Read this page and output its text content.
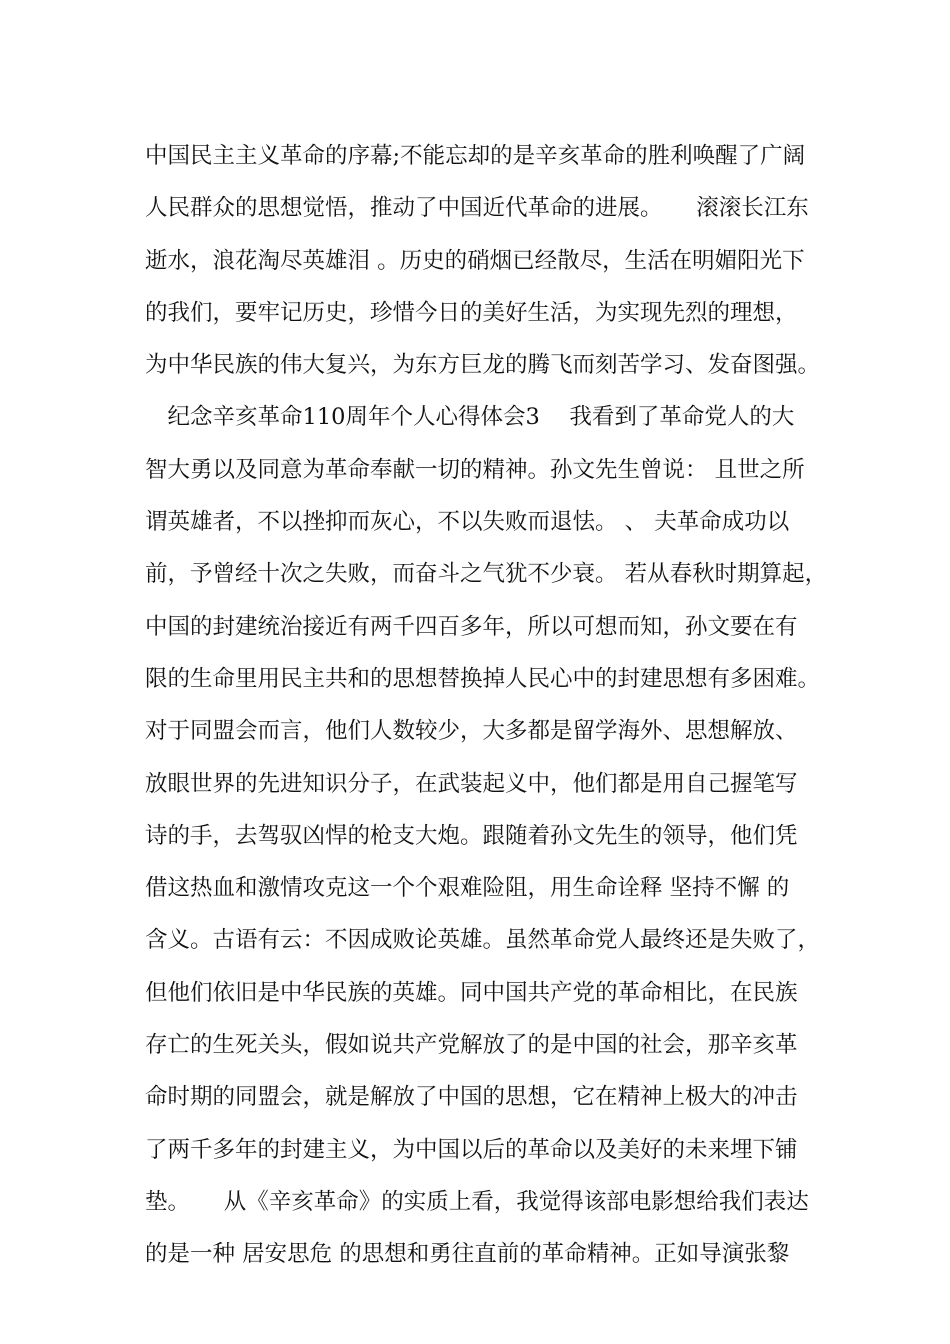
中国民主主义革命的序幕;不能忘却的是辛亥革命的胜利唤醒了广阔
人民群众的思想觉悟，推动了中国近代革命的进展。　　滚滚长江东
逝水，浪花淘尽英雄泪 。历史的硝烟已经散尽，生活在明媚阳光下
的我们，要牢记历史，珍惜今日的美好生活，为实现先烈的理想，
为中华民族的伟大复兴，为东方巨龙的腾飞而刻苦学习、发奋图强。
　纪念辛亥革命110周年个人心得体会3　 我看到了革命党人的大
智大勇以及同意为革命奉献一切的精神。孙文先生曾说： 且世之所
谓英雄者，不以挫抑而灰心，不以失败而退怯。 、 夫革命成功以
前，予曾经十次之失败，而奋斗之气犹不少衰。 若从春秋时期算起，
中国的封建统治接近有两千四百多年，所以可想而知，孙文要在有
限的生命里用民主共和的思想替换掉人民心中的封建思想有多困难。
对于同盟会而言，他们人数较少，大多都是留学海外、思想解放、
放眼世界的先进知识分子，在武装起义中，他们都是用自己握笔写
诗的手，去驾驭凶悍的枪支大炮。跟随着孙文先生的领导，他们凭
借这热血和激情攻克这一个个艰难险阻，用生命诠释 坚持不懈 的
含义。古语有云：不因成败论英雄。虽然革命党人最终还是失败了，
但他们依旧是中华民族的英雄。同中国共产党的革命相比，在民族
存亡的生死关头，假如说共产党解放了的是中国的社会，那辛亥革
命时期的同盟会，就是解放了中国的思想，它在精神上极大的冲击
了两千多年的封建主义，为中国以后的革命以及美好的未来埋下铺
垫。　　从《辛亥革命》的实质上看，我觉得该部电影想给我们表达
的是一种 居安思危 的思想和勇往直前的革命精神。正如导演张黎
